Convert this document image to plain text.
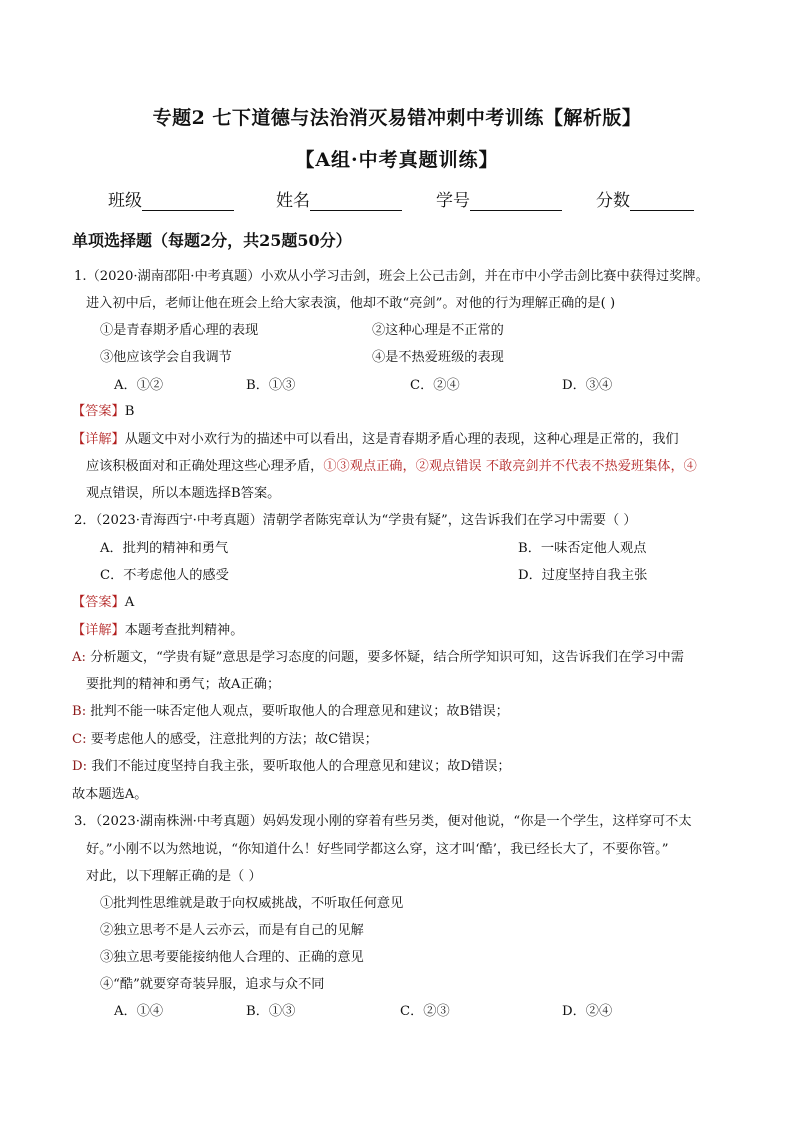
专题2 七下道德与法治消灭易错冲刺中考训练【解析版】
【A组·中考真题训练】
班级	姓名	学号	分数
单项选择题（每题2分，共25题50分）
1.（2020·湖南邵阳·中考真题）小欢从小学习击剑，班会上公己击剑，并在市中小学击剑比赛中获得过奖牌。
进入初中后，老师让他在班会上给大家表演，他却不敢“亮剑”。对他的行为理解正确的是( )
①是青春期矛盾心理的表现	②这种心理是不正常的
③他应该学会自我调节	④是不热爱班级的表现
A．①②	B．①③	C．②④	D．③④
【答案】B
【详解】从题文中对小欢行为的描述中可以看出，这是青春期矛盾心理的表现，这种心理是正常的，我们
应该积极面对和正确处理这些心理矛盾，①③观点正确，②观点错误 不敢亮剑并不代表不热爱班集体，④
观点错误，所以本题选择B答案。
2．（2023·青海西宁·中考真题）清朝学者陈宪章认为“学贵有疑”，这告诉我们在学习中需要（ ）
A．批判的精神和勇气	B．一味否定他人观点
C．不考虑他人的感受	D．过度坚持自我主张
【答案】A
【详解】本题考查批判精神。
A: 分析题文，“学贵有疑”意思是学习态度的问题，要多怀疑，结合所学知识可知，这告诉我们在学习中需
要批判的精神和勇气；故A正确；
B: 批判不能一味否定他人观点，要听取他人的合理意见和建议；故B错误；
C: 要考虑他人的感受，注意批判的方法；故C错误；
D: 我们不能过度坚持自我主张，要听取他人的合理意见和建议；故D错误；
故本题选A。
3．（2023·湖南株洲·中考真题）妈妈发现小刚的穿着有些另类，便对他说，“你是一个学生，这样穿可不太
好。”小刚不以为然地说，“你知道什么！好些同学都这么穿，这才叫‘酷’，我已经长大了，不要你管。”
对此，以下理解正确的是（ ）
①批判性思维就是敢于向权威挑战，不听取任何意见
②独立思考不是人云亦云，而是有自己的见解
③独立思考要能接纳他人合理的、正确的意见
④“酷”就要穿奇装异服，追求与众不同
A．①④	B．①③	C．②③	D．②④
